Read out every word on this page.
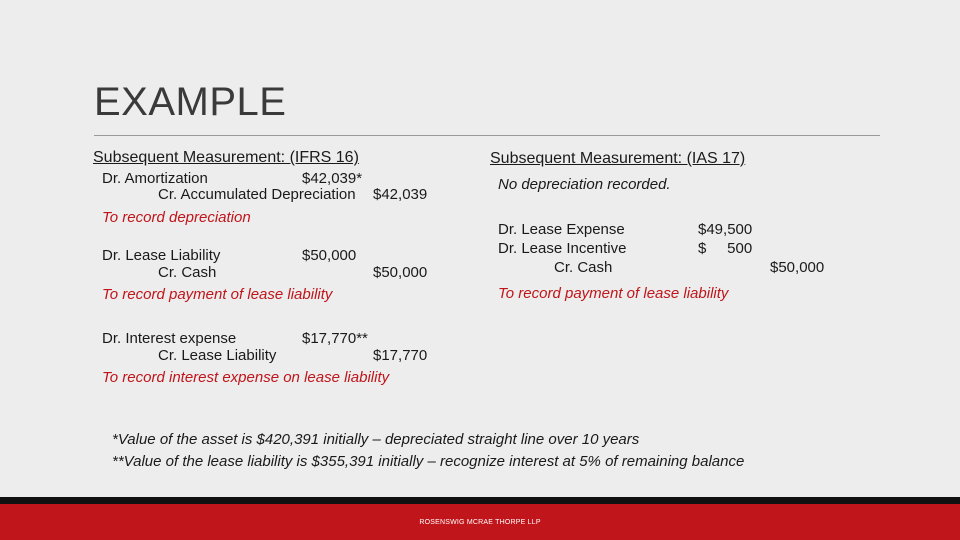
EXAMPLE
Subsequent Measurement: (IFRS 16)
Dr. Amortization	$42,039*
Cr. Accumulated Depreciation $42,039
To record depreciation
Dr. Lease Liability	$50,000
Cr. Cash	$50,000
To record payment of lease liability
Dr. Interest expense	$17,770**
Cr. Lease Liability	$17,770
To record interest expense on lease liability
Subsequent Measurement: (IAS 17)
No depreciation recorded.
Dr. Lease Expense	$49,500
Dr. Lease Incentive	$     500
Cr. Cash	$50,000
To record payment of lease liability
*Value of the asset is $420,391 initially – depreciated straight line over 10 years
**Value of the lease liability is $355,391 initially – recognize interest at 5% of remaining balance
ROSENSWIG MCRAE THORPE LLP
